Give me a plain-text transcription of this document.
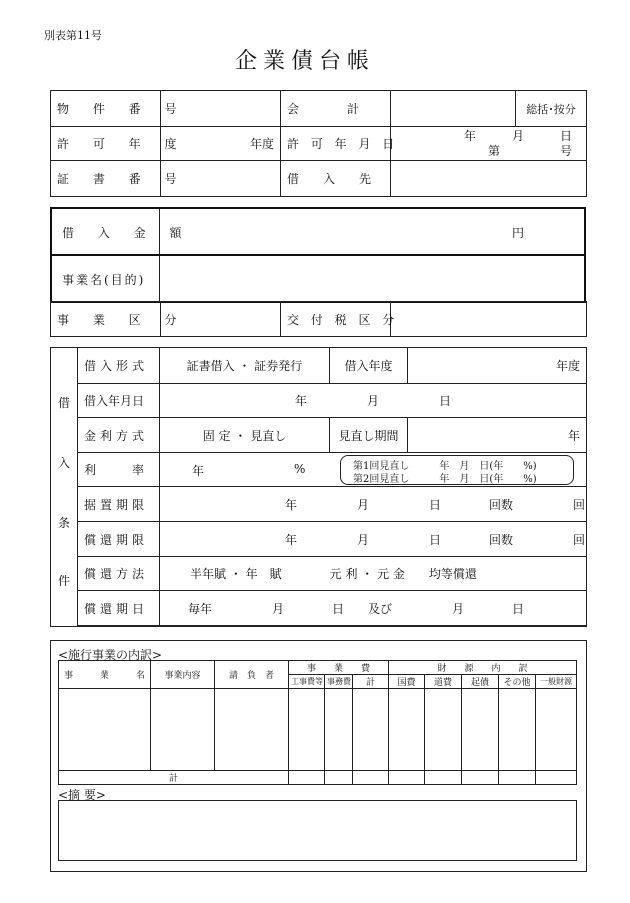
別表第11号
企業債台帳
物 件 番 号		会　　　　計		総括･按分
許 可 年 度	年度	許 可 年 月 日	年　　　月　　　日
第　　　　　号	

証 書 番 号		借　　入　　先		
借 入 金 額	円
事業名(目的)
事 業 区 分		交 付 税 区 分	
借
入
条
件
借入形式	証書借入 ・ 証券発行	借入年度	年度
借入年月日	年　　　　　月　　　　　日		
金利方式	固 定 ・ 見直し	見直し期間	年
利　　　率	年 % 第1回見直し　　　年　月　日(年　　%)
第2回見直し　　　年　月　日(年　　%)		

据置期限	年　　　　　月　　　　　日　　　　回数　　　　　回		
償還期限	年　　　　　月　　　　　日　　　　回数　　　　　回		
償還方法	半年賦 ・ 年　賦　　　　元 利 ・ 元 金　　均等償還		
償還期日	毎年　　　　　月　　　　日　　及び　　　　　月　　　　日		
<施行事業の内訳>
事　　　業　　　名	事業内容	請　負　者	事　　業　　費			財　　源　　内　　訳				
			工事費等	事務費	計	国費	道費	起債	その他	一般財源

計										
<摘 要>
